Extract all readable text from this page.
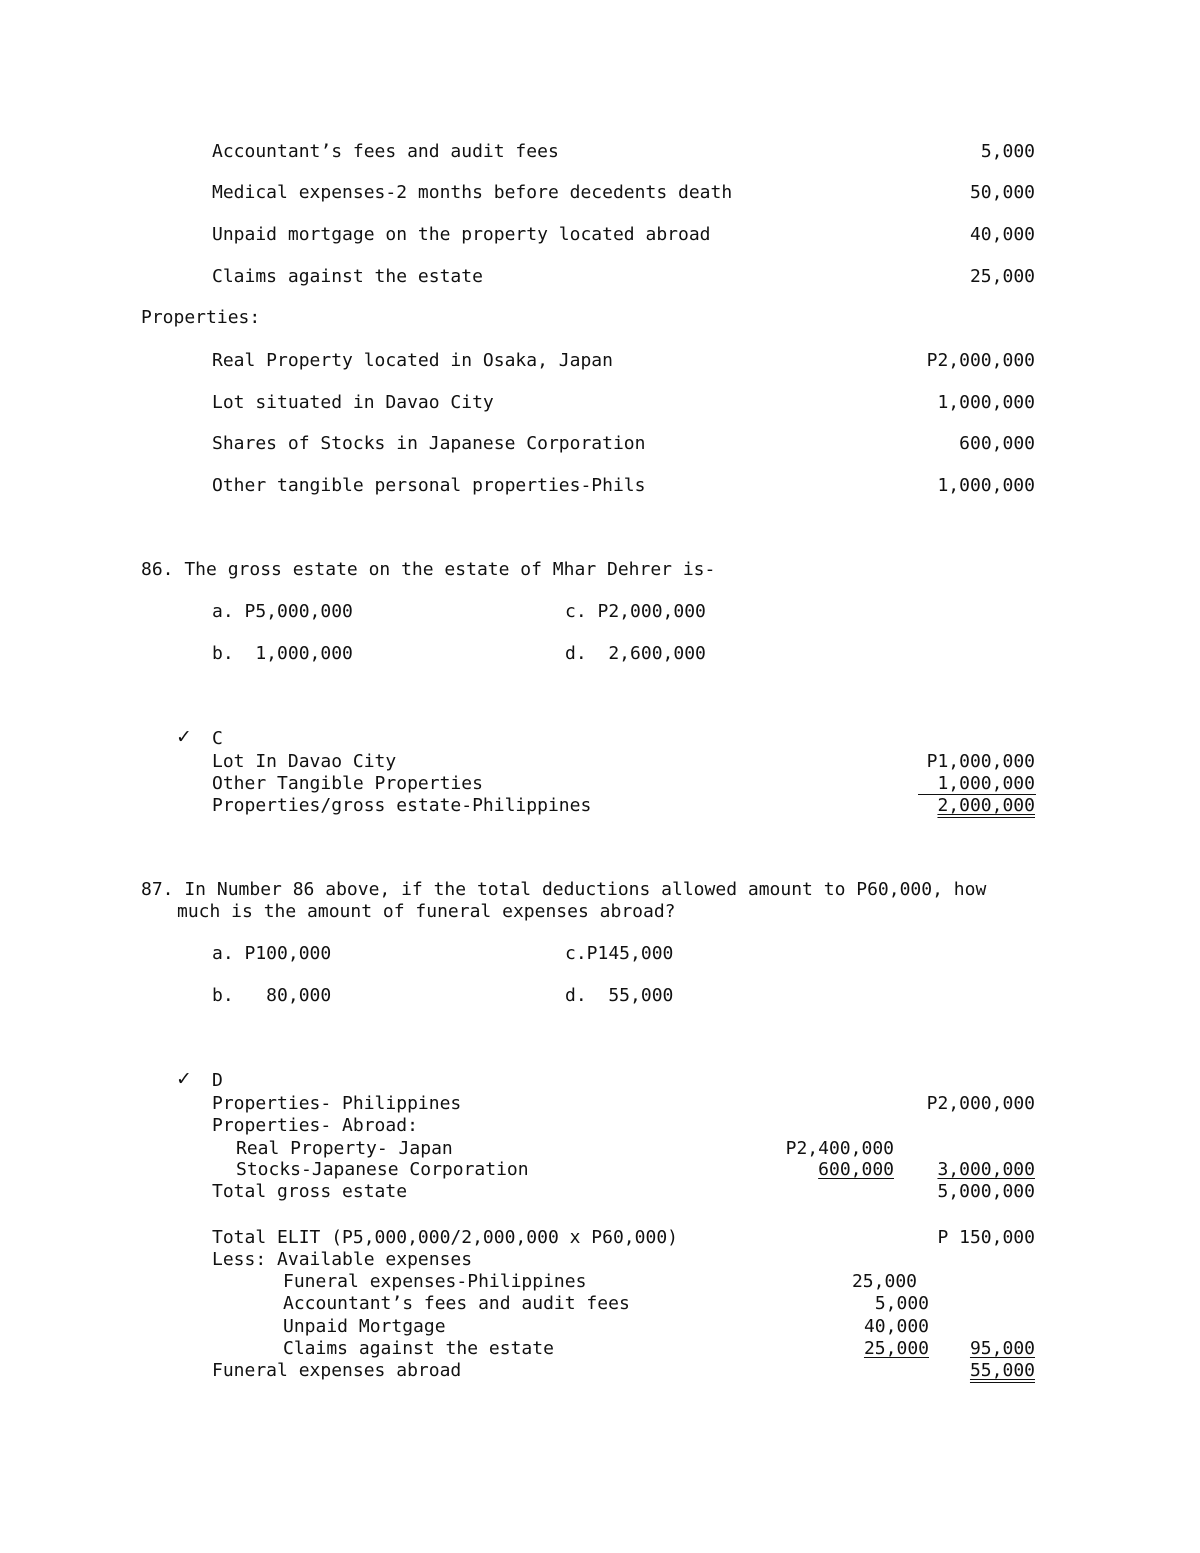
Accountant’s fees and audit fees	5,000
Medical expenses-2 months before decedents death	50,000
Unpaid mortgage on the property located abroad	40,000
Claims against the estate	25,000
Properties:
Real Property located in Osaka, Japan	P2,000,000
Lot situated in Davao City	1,000,000
Shares of Stocks in Japanese Corporation	600,000
Other tangible personal properties-Phils	1,000,000
86. The gross estate on the estate of Mhar Dehrer is-
a. P5,000,000	c. P2,000,000
b.  1,000,000	d.  2,600,000
✓ C
Lot In Davao City	P1,000,000
Other Tangible Properties	1,000,000
Properties/gross estate-Philippines	2,000,000
87. In Number 86 above, if the total deductions allowed amount to P60,000, how
much is the amount of funeral expenses abroad?
a. P100,000	c.P145,000
b.   80,000	d.  55,000
✓ D
Properties- Philippines	P2,000,000
Properties- Abroad:
Real Property- Japan	P2,400,000
Stocks-Japanese Corporation	600,000 3,000,000
Total gross estate	5,000,000
Total ELIT (P5,000,000/2,000,000 x P60,000)	P 150,000
Less: Available expenses
Funeral expenses-Philippines	25,000
Accountant’s fees and audit fees	5,000
Unpaid Mortgage	40,000
Claims against the estate	25,000 95,000
Funeral expenses abroad	55,000
